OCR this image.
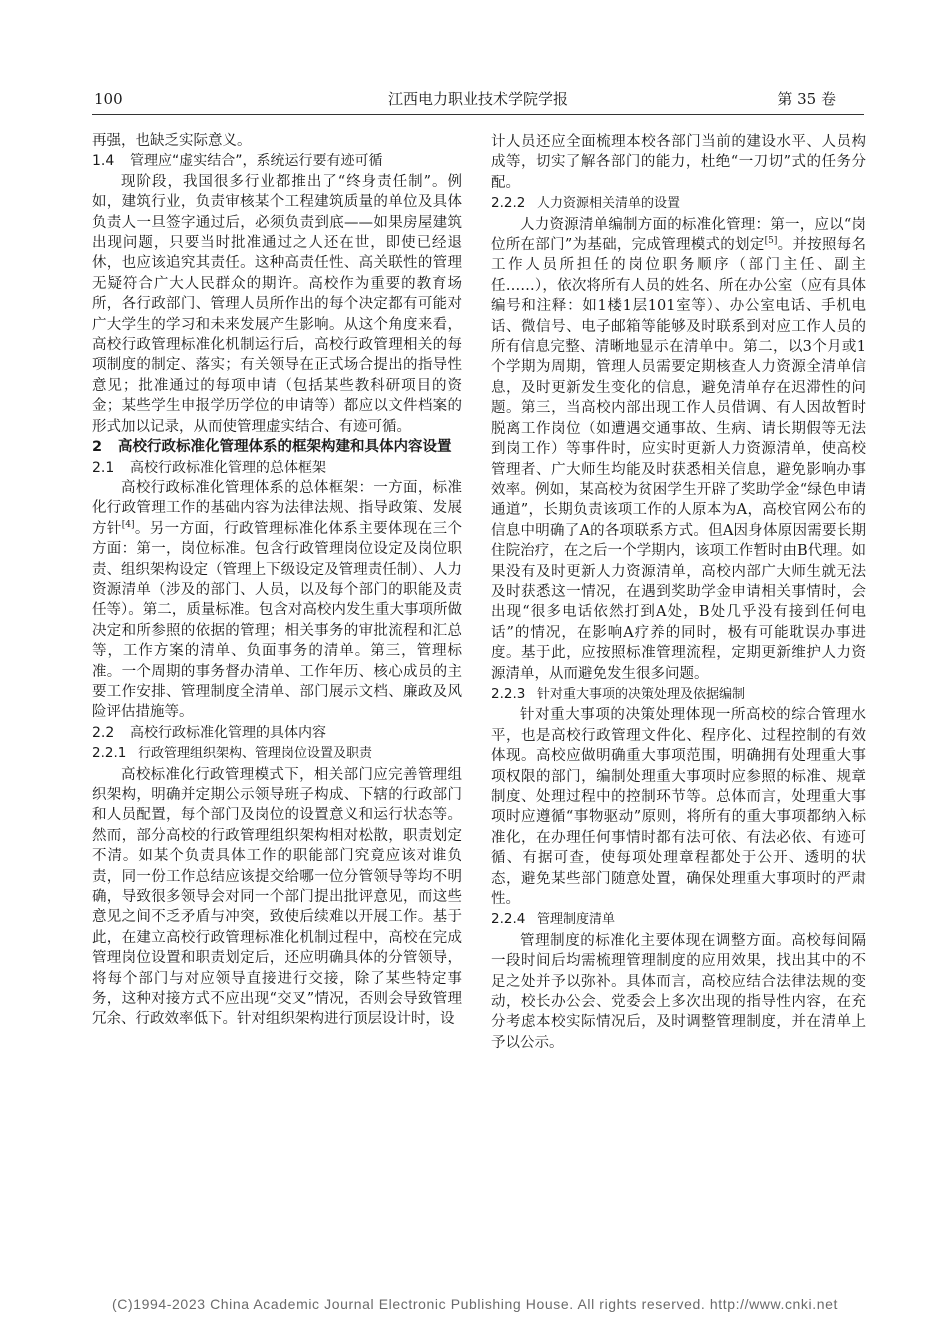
100	江西电力职业技术学院学报	第 35 卷

再强，也缺乏实际意义。

1.4 管理应“虚实结合”，系统运行要有迹可循

现阶段，我国很多行业都推出了“终身责任制”。例如，建筑行业，负责审核某个工程建筑质量的单位及具体负责人一旦签字通过后，必须负责到底——如果房屋建筑出现问题，只要当时批准通过之人还在世，即使已经退休，也应该追究其责任。这种高责任性、高关联性的管理无疑符合广大人民群众的期许。高校作为重要的教育场所，各行政部门、管理人员所作出的每个决定都有可能对广大学生的学习和未来发展产生影响。从这个角度来看，高校行政管理标准化机制运行后，高校行政管理相关的每项制度的制定、落实；有关领导在正式场合提出的指导性意见；批准通过的每项申请（包括某些教科研项目的资金；某些学生申报学历学位的申请等）都应以文件档案的形式加以记录，从而使管理虚实结合、有迹可循。

2 高校行政标准化管理体系的框架构建和具体内容设置
2.1 高校行政标准化管理的总体框架

高校行政标准化管理体系的总体框架：一方面，标准化行政管理工作的基础内容为法律法规、指导政策、发展方针[4]。另一方面，行政管理标准化体系主要体现在三个方面：第一，岗位标准。包含行政管理岗位设定及岗位职责、组织架构设定（管理上下级设定及管理责任制）、人力资源清单（涉及的部门、人员，以及每个部门的职能及责任等）。第二，质量标准。包含对高校内发生重大事项所做决定和所参照的依据的管理；相关事务的审批流程和汇总等，工作方案的清单、负面事务的清单。第三，管理标准。一个周期的事务督办清单、工作年历、核心成员的主要工作安排、管理制度全清单、部门展示文档、廉政及风险评估措施等。

2.2 高校行政标准化管理的具体内容
2.2.1 行政管理组织架构、管理岗位设置及职责

高校标准化行政管理模式下，相关部门应完善管理组织架构，明确并定期公示领导班子构成、下辖的行政部门和人员配置，每个部门及岗位的设置意义和运行状态等。然而，部分高校的行政管理组织架构相对松散，职责划定不清。如某个负责具体工作的职能部门究竟应该对谁负责，同一份工作总结应该提交给哪一位分管领导等均不明确，导致很多领导会对同一个部门提出批评意见，而这些意见之间不乏矛盾与冲突，致使后续难以开展工作。基于此，在建立高校行政管理标准化机制过程中，高校在完成管理岗位设置和职责划定后，还应明确具体的分管领导，将每个部门与对应领导直接进行交接，除了某些特定事务，这种对接方式不应出现“交叉”情况，否则会导致管理冗余、行政效率低下。针对组织架构进行顶层设计时，设

计人员还应全面梳理本校各部门当前的建设水平、人员构成等，切实了解各部门的能力，杜绝“一刀切”式的任务分配。

2.2.2 人力资源相关清单的设置

人力资源清单编制方面的标准化管理：第一，应以“岗位所在部门”为基础，完成管理模式的划定[5]。并按照每名工作人员所担任的岗位职务顺序（部门主任、副主任……），依次将所有人员的姓名、所在办公室（应有具体编号和注释：如1楼1层101室等）、办公室电话、手机电话、微信号、电子邮箱等能够及时联系到对应工作人员的所有信息完整、清晰地显示在清单中。第二，以3个月或1个学期为周期，管理人员需要定期核查人力资源全清单信息，及时更新发生变化的信息，避免清单存在迟滞性的问题。第三，当高校内部出现工作人员借调、有人因故暂时脱离工作岗位（如遭遇交通事故、生病、请长期假等无法到岗工作）等事件时，应实时更新人力资源清单，使高校管理者、广大师生均能及时获悉相关信息，避免影响办事效率。例如，某高校为贫困学生开辟了奖助学金“绿色申请通道”，长期负责该项工作的人原本为A，高校官网公布的信息中明确了A的各项联系方式。但A因身体原因需要长期住院治疗，在之后一个学期内，该项工作暂时由B代理。如果没有及时更新人力资源清单，高校内部广大师生就无法及时获悉这一情况，在遇到奖助学金申请相关事情时，会出现“很多电话依然打到A处，B处几乎没有接到任何电话”的情况，在影响A疗养的同时，极有可能耽误办事进度。基于此，应按照标准管理流程，定期更新维护人力资源清单，从而避免发生很多问题。

2.2.3 针对重大事项的决策处理及依据编制

针对重大事项的决策处理体现一所高校的综合管理水平，也是高校行政管理文件化、程序化、过程控制的有效体现。高校应做明确重大事项范围，明确拥有处理重大事项权限的部门，编制处理重大事项时应参照的标准、规章制度、处理过程中的控制环节等。总体而言，处理重大事项时应遵循“事物驱动”原则，将所有的重大事项都纳入标准化，在办理任何事情时都有法可依、有法必依、有迹可循、有据可查，使每项处理章程都处于公开、透明的状态，避免某些部门随意处置，确保处理重大事项时的严肃性。

2.2.4 管理制度清单

管理制度的标准化主要体现在调整方面。高校每间隔一段时间后均需梳理管理制度的应用效果，找出其中的不足之处并予以弥补。具体而言，高校应结合法律法规的变动，校长办公会、党委会上多次出现的指导性内容，在充分考虑本校实际情况后，及时调整管理制度，并在清单上予以公示。

(C)1994-2023 China Academic Journal Electronic Publishing House. All rights reserved. http://www.cnki.net
